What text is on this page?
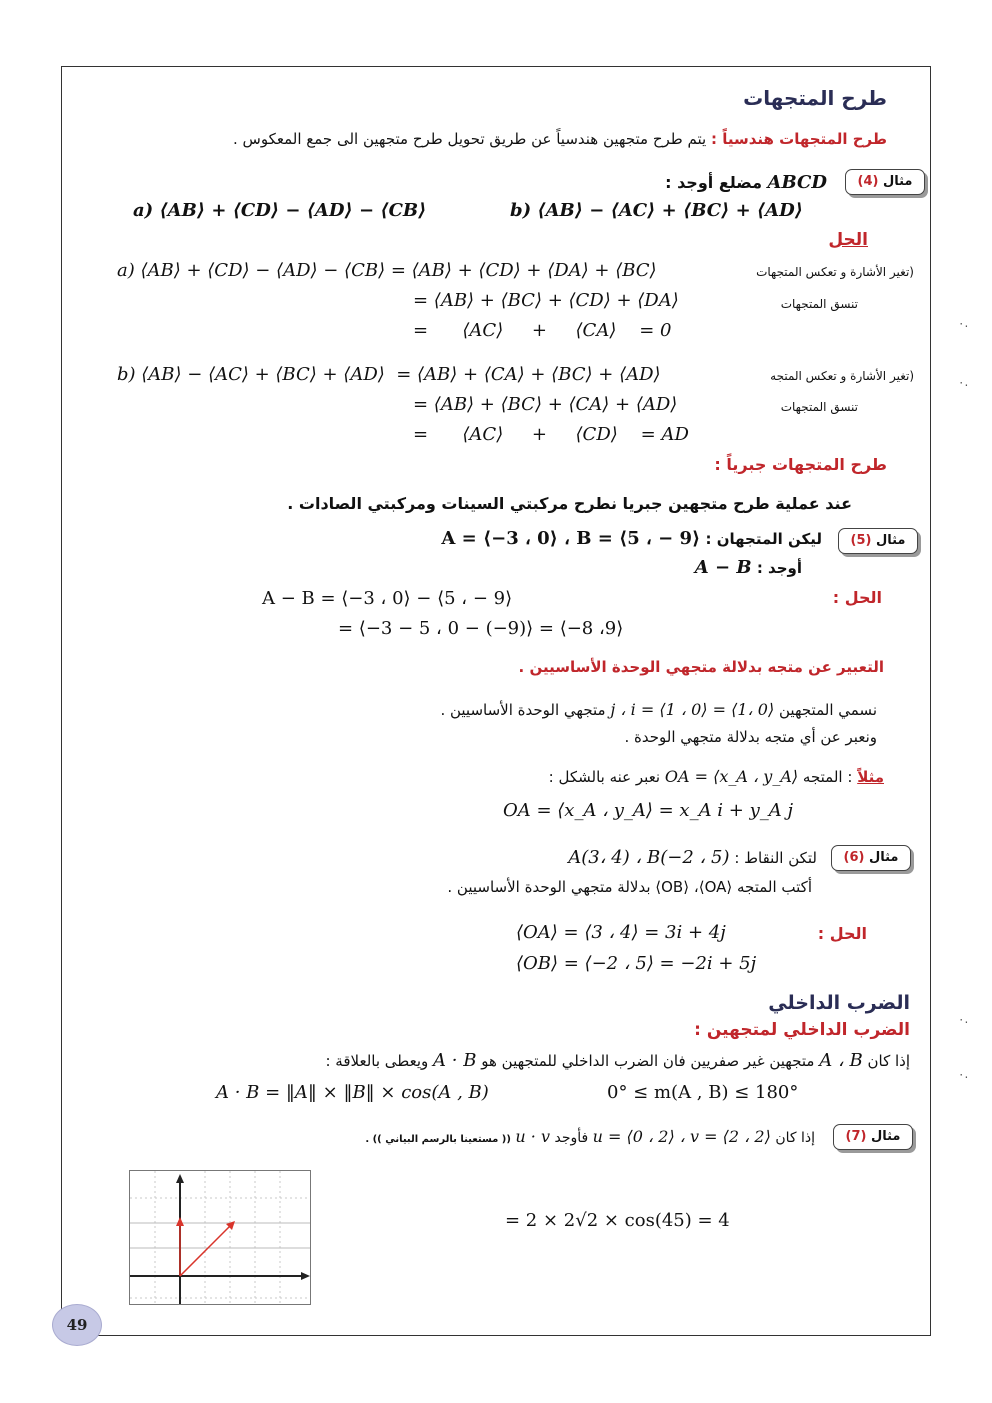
طرح المتجهات
طرح المتجهات هندسياً : يتم طرح متجهين هندسياً عن طريق تحويل طرح متجهين الى جمع المعكوس .
مثال (4)
ABCD مضلع أوجد :
a) ⟨AB⟩ + ⟨CD⟩ − ⟨AD⟩ − ⟨CB⟩	b) ⟨AB⟩ − ⟨AC⟩ + ⟨BC⟩ + ⟨AD⟩
الحل
a) ⟨AB⟩ + ⟨CD⟩ − ⟨AD⟩ − ⟨CB⟩ = ⟨AB⟩ + ⟨CD⟩ + ⟨DA⟩ + ⟨BC⟩	(تغير الأشارة و تعكس المتجهات
= ⟨AB⟩ + ⟨BC⟩ + ⟨CD⟩ + ⟨DA⟩	تنسق المتجهات
=      ⟨AC⟩     +     ⟨CA⟩    = 0	٠.
٠.
b) ⟨AB⟩ − ⟨AC⟩ + ⟨BC⟩ + ⟨AD⟩  = ⟨AB⟩ + ⟨CA⟩ + ⟨BC⟩ + ⟨AD⟩	(تغير الأشارة و تعكس المتجه
= ⟨AB⟩ + ⟨BC⟩ + ⟨CA⟩ + ⟨AD⟩	تنسق المتجهات
=      ⟨AC⟩     +     ⟨CD⟩    = AD
طرح المتجهات جبرياً :
عند عملية طرح متجهين جبريا نطرح مركبتي السينات ومركبتي الصادات .
مثال (5)
ليكن المتجهان : A = ⟨−3 ، 0⟩ ، B = ⟨5 ، − 9⟩
أوجد : A − B
الحل :
A − B = ⟨−3 ، 0⟩ − ⟨5 ، − 9⟩
= ⟨−3 − 5 ، 0 − (−9)⟩ = ⟨−8 ،9⟩
التعبير عن متجه بدلالة متجهي الوحدة الأساسيين .
نسمي المتجهين ⟨0 ،1⟩ = j ، i = ⟨1 ، 0⟩ متجهي الوحدة الأساسيين .
ونعبر عن أي متجه بدلالة متجهي الوحدة .
مثلاً : المتجه OA = ⟨x_A ، y_A⟩ نعبر عنه بالشكل :
OA = ⟨x_A ، y_A⟩ = x_A i + y_A j
مثال (6)
لتكن النقاط : A(3، 4) ، B(−2 ، 5)
أكتب المتجه ⟨OA⟩، ⟨OB⟩ بدلالة متجهي الوحدة الأساسيين .
الحل :
⟨OA⟩ = ⟨3 ، 4⟩ = 3i + 4j
⟨OB⟩ = ⟨−2 ، 5⟩ = −2i + 5j
الضرب الداخلي
٠.
الضرب الداخلي لمتجهين :
إذا كان A ، B متجهين غير صفريين فان الضرب الداخلي للمتجهين هو A · B ويعطى بالعلاقة :
٠.
A · B = ‖A‖ × ‖B‖ × cos(A , B)	0° ≤ m(A , B) ≤ 180°
مثال (7)
إذا كان u = ⟨0 ، 2⟩ ، v = ⟨2 ، 2⟩ فأوجد u · v (( مستعينا بالرسم البياني )) .
= 2 × 2√2 × cos(45) = 4
49
